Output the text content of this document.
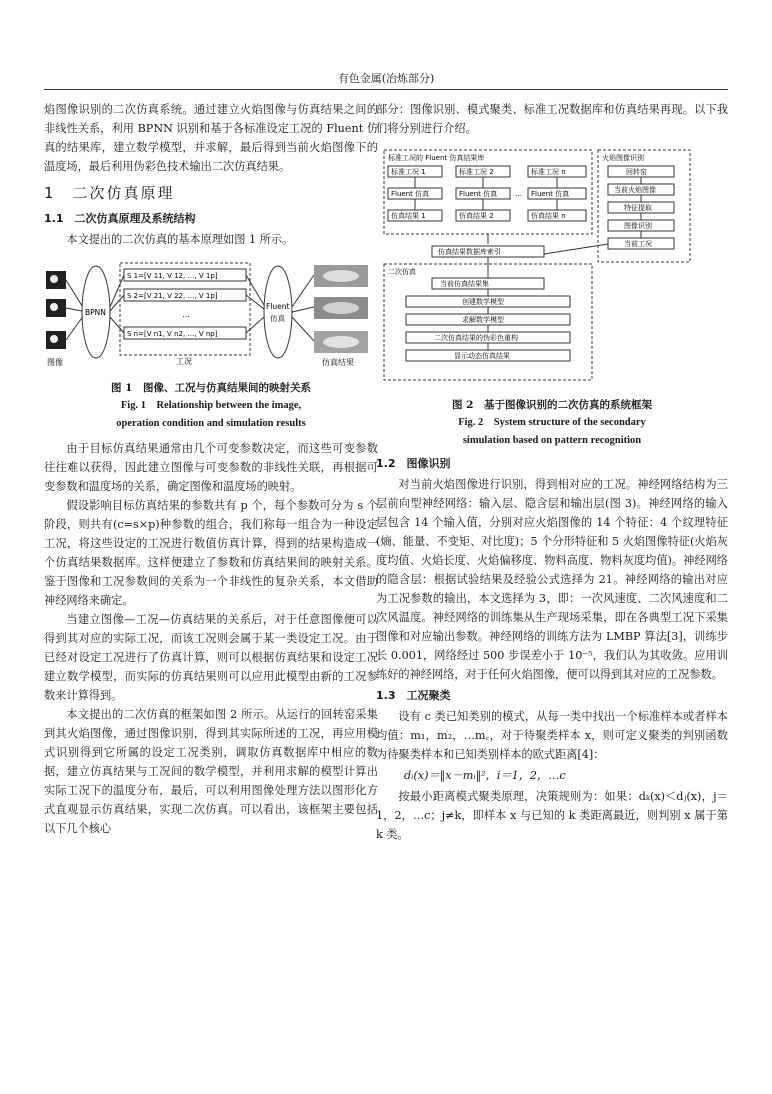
有色金属(冶炼部分)

焰图像识别的二次仿真系统。通过建立火焰图像与仿真结果之间的非线性关系，利用 BPNN 识别和基于各标准设定工况的 Fluent 仿真的结果库，建立数学模型，并求解，最后得到当前火焰图像下的温度场，最后利用伪彩色技术输出二次仿真结果。

1　二次仿真原理
1.1　二次仿真原理及系统结构

本文提出的二次仿真的基本原理如图 1 所示。

图像
BPNN
S 1=[V 11, V 12, …, V 1p]
S 2=[V 21, V 22, …, V 1p]
…
S n=[V n1, V n2, …, V np]
工况
Fluent
仿真
仿真结果
图 1　图像、工况与仿真结果间的映射关系
Fig. 1　Relationship between the image,
operation condition and simulation results

由于目标仿真结果通常由几个可变参数决定，而这些可变参数往往难以获得，因此建立图像与可变参数的非线性关联，再根据可变参数和温度场的关系，确定图像和温度场的映射。

假设影响目标仿真结果的参数共有 p 个，每个参数可分为 s 个阶段，则共有(c=s×p)种参数的组合，我们称每一组合为一种设定工况，将这些设定的工况进行数值仿真计算，得到的结果构造成一个仿真结果数据库。这样便建立了参数和仿真结果间的映射关系。鉴于图像和工况参数间的关系为一个非线性的复杂关系，本文借助神经网络来确定。

当建立图像—工况—仿真结果的关系后，对于任意图像便可以得到其对应的实际工况，而该工况则会属于某一类设定工况。由于已经对设定工况进行了仿真计算，则可以根据仿真结果和设定工况建立数学模型，而实际的仿真结果则可以应用此模型由新的工况参数来计算得到。

本文提出的二次仿真的框架如图 2 所示。从运行的回转窑采集到其火焰图像，通过图像识别，得到其实际所述的工况，再应用模式识别得到它所属的设定工况类别，调取仿真数据库中相应的数据，建立仿真结果与工况间的数学模型，并利用求解的模型计算出实际工况下的温度分布，最后，可以利用图像处理方法以图形化方式直观显示仿真结果，实现二次仿真。可以看出，该框架主要包括以下几个核心

部分：图像识别、模式聚类、标准工况数据库和仿真结果再现。以下我们将分别进行介绍。

标准工况的 Fluent 仿真结果库
标准工况 1	标准工况 2	标准工况 n
Fluent 仿真	Fluent 仿真	… Fluent 仿真
仿真结果 1	仿真结果 2	仿真结果 n
火焰图像识别
回转窑
当前火焰图像
特征提取
图像识别
当前工况
仿真结果数据库索引
二次仿真
当前仿真结果集
创建数学模型
求解数学模型
二次仿真结果的伪彩色重构
显示动态仿真结果
图 2　基于图像识别的二次仿真的系统框架
Fig. 2　System structure of the secondary
simulation based on pattern recognition
1.2　图像识别

对当前火焰图像进行识别，得到相对应的工况。神经网络结构为三层前向型神经网络：输入层、隐含层和输出层(图 3)。神经网络的输入层包含 14 个输入值，分别对应火焰图像的 14 个特征：4 个纹理特征(熵、能量、不变矩、对比度)；5 个分形特征和 5 火焰图像特征(火焰灰度均值、火焰长度、火焰偏移度、物料高度、物料灰度均值)。神经网络的隐含层：根据试验结果及经验公式选择为 21。神经网络的输出对应为工况参数的输出，本文选择为 3，即：一次风速度、二次风速度和二次风温度。神经网络的训练集从生产现场采集，即在各典型工况下采集图像和对应输出参数。神经网络的训练方法为 LMBP 算法[3]，训练步长 0.001，网络经过 500 步误差小于 10⁻⁵，我们认为其收敛。应用训练好的神经网络，对于任何火焰图像，便可以得到其对应的工况参数。

1.3　工况聚类

设有 c 类已知类别的模式，从每一类中找出一个标准样本或者样本均值：m₁，m₂，…m꜀，对于待聚类样本 x，则可定义聚类的判别函数为待聚类样本和已知类别样本的欧式距离[4]：

dᵢ(x)＝‖x－mᵢ‖²，i＝1，2，…c

按最小距离模式聚类原理，决策规则为：如果：dₖ(x)＜dⱼ(x)，j＝1，2，…c；j≠k，即样本 x 与已知的 k 类距离最近，则判别 x 属于第 k 类。
